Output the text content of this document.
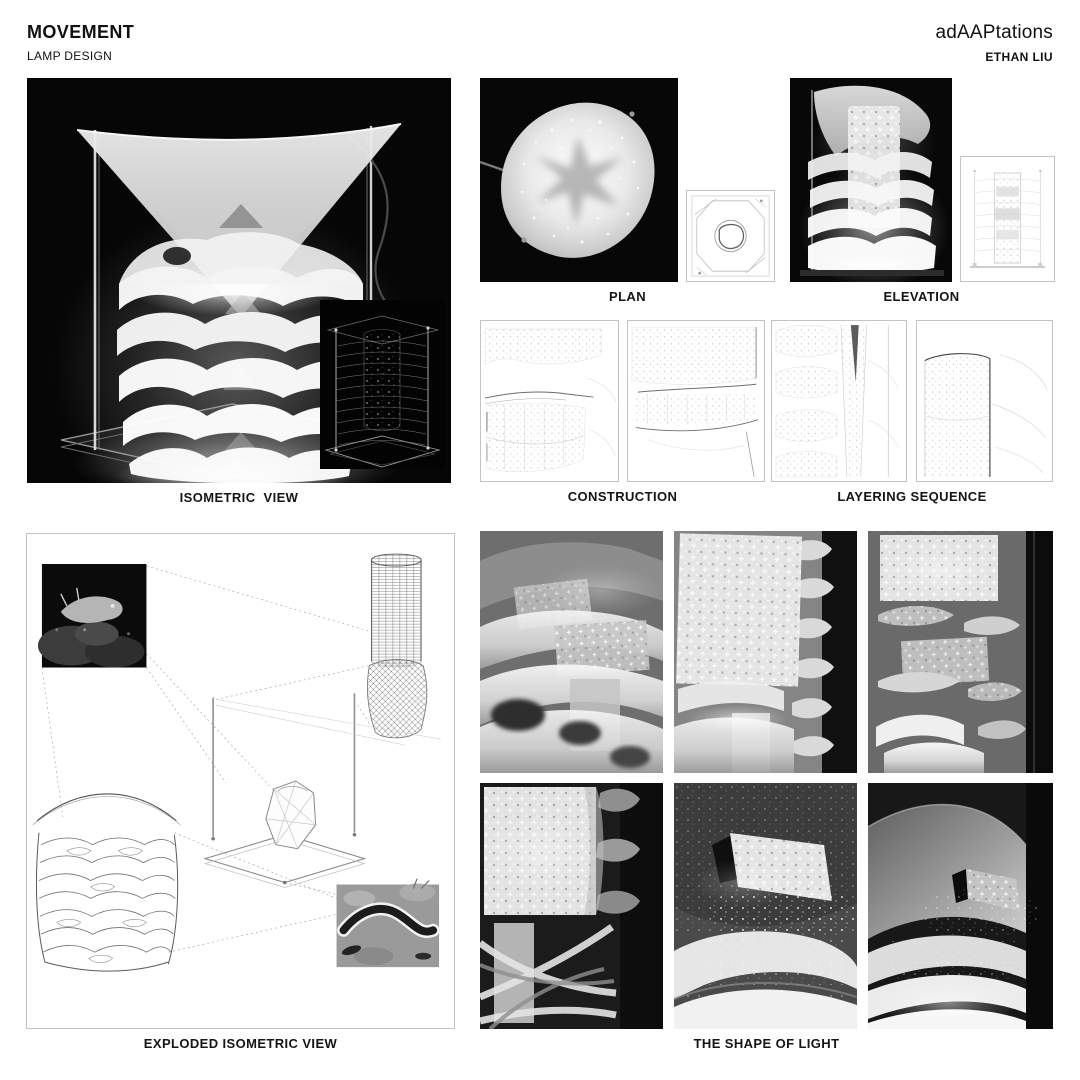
MOVEMENT
LAMP DESIGN
adAAPtations
ETHAN LIU
ISOMETRIC  VIEW
PLAN	ELEVATION
CONSTRUCTION	LAYERING SEQUENCE
EXPLODED ISOMETRIC VIEW	THE SHAPE OF LIGHT
